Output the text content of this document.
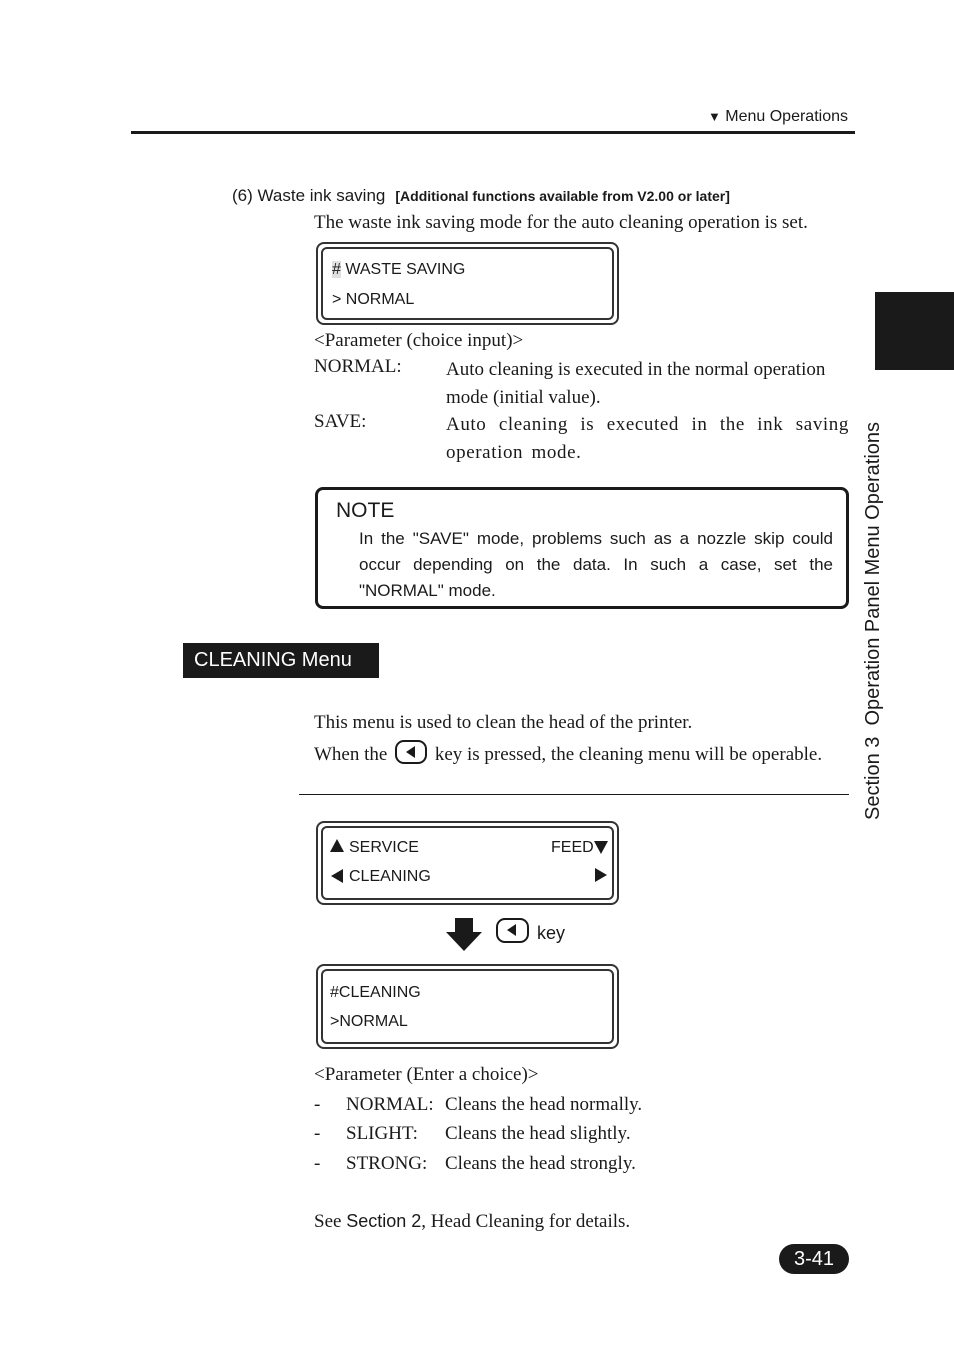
▼ Menu Operations
Section 3  Operation Panel Menu Operations
(6) Waste ink saving [Additional functions available from V2.00 or later]
The waste ink saving mode for the auto cleaning operation is set.
# WASTE SAVING
> NORMAL
<Parameter (choice input)>
NORMAL: Auto cleaning is executed in the normal operation mode (initial value).
SAVE:	Auto cleaning is executed in the ink saving operation mode.
NOTE
In the "SAVE" mode, problems such as a nozzle skip could occur depending on the data. In such a case, set the "NORMAL" mode.
CLEANING Menu
This menu is used to clean the head of the printer.
When the	key is pressed, the cleaning menu will be operable.
SERVICE	FEED
CLEANING
key
#CLEANING
>NORMAL
<Parameter (Enter a choice)>
- NORMAL: Cleans the head normally.
- SLIGHT: Cleans the head slightly.
- STRONG: Cleans the head strongly.
See Section 2, Head Cleaning for details.
3-41
